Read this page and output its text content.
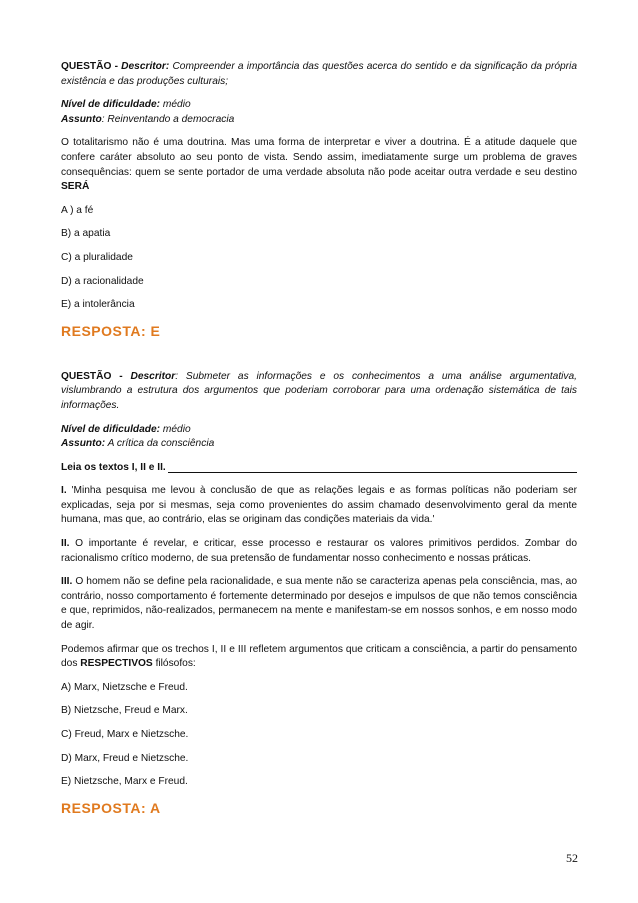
QUESTÃO - Descritor: Compreender a importância das questões acerca do sentido e da significação da própria existência e das produções culturais;

Nível de dificuldade: médio

Assunto: Reinventando a democracia

O totalitarismo não é uma doutrina. Mas uma forma de interpretar e viver a doutrina. É a atitude daquele que confere caráter absoluto ao seu ponto de vista. Sendo assim, imediatamente surge um problema de graves consequências: quem se sente portador de uma verdade absoluta não pode aceitar outra verdade e seu destino SERÁ

A ) a fé

B) a apatia

C) a pluralidade

D) a racionalidade

E) a intolerância

RESPOSTA: E

QUESTÃO - Descritor: Submeter as informações e os conhecimentos a uma análise argumentativa, vislumbrando a estrutura dos argumentos que poderiam corroborar para uma ordenação sistemática de tais informações.

Nível de dificuldade: médio

Assunto: A crítica da consciência

Leia os textos I, II e II.

I. 'Minha pesquisa me levou à conclusão de que as relações legais e as formas políticas não poderiam ser explicadas, seja por si mesmas, seja como provenientes do assim chamado desenvolvimento geral da mente humana, mas que, ao contrário, elas se originam das condições materiais da vida.'

II. O importante é revelar, e criticar, esse processo e restaurar os valores primitivos perdidos. Zombar do racionalismo crítico moderno, de sua pretensão de fundamentar nosso conhecimento e nossas práticas.

III. O homem não se define pela racionalidade, e sua mente não se caracteriza apenas pela consciência, mas, ao contrário, nosso comportamento é fortemente determinado por desejos e impulsos de que não temos consciência e que, reprimidos, não-realizados, permanecem na mente e manifestam-se em nossos sonhos, e em nosso modo de agir.

Podemos afirmar que os trechos I, II e III refletem argumentos que criticam a consciência, a partir do pensamento dos RESPECTIVOS filósofos:

A) Marx, Nietzsche e Freud.

B) Nietzsche, Freud e Marx.

C) Freud, Marx e Nietzsche.

D) Marx, Freud e Nietzsche.

E) Nietzsche, Marx e Freud.

RESPOSTA: A

52
